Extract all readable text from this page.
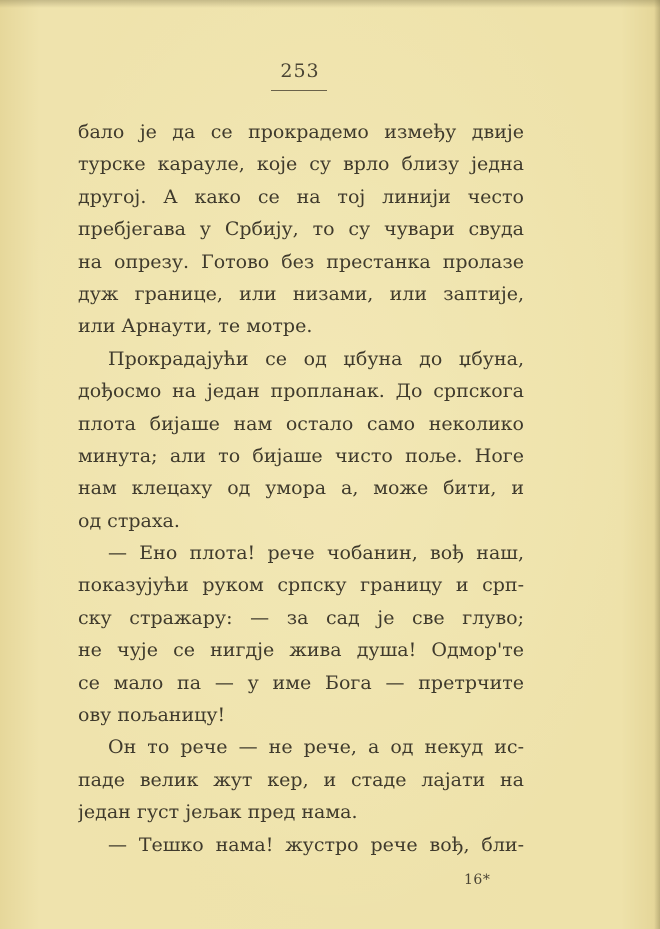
253
бало је да се прокрадемо између двије
турске карауле, које су врло близу једна
другој. А како се на тој линији често
пребјегава у Србију, то су чувари свуда
на опрезу. Готово без престанка пролазе
дуж границе, или низами, или заптије,
или Арнаути, те мотре.
Прокрадајући се од џбуна до џбуна,
дођосмо на један пропланак. До српскога
плота бијаше нам остало само неколико
минута; али то бијаше чисто поље. Ноге
нам клецаху од умора а, може бити, и
од страха.
— Ено плота! рече чобанин, вођ наш,
показујући руком српску границу и срп-
ску стражару: — за сад је све глуво;
не чује се нигдје жива душа! Одмор'те
се мало па — у име Бога — претрчите
ову пољаницу!
Он то рече — не рече, а од некуд ис-
паде велик жут кер, и стаде лајати на
један густ јељак пред нама.
— Тешко нама! жустро рече вођ, бли-
16*
